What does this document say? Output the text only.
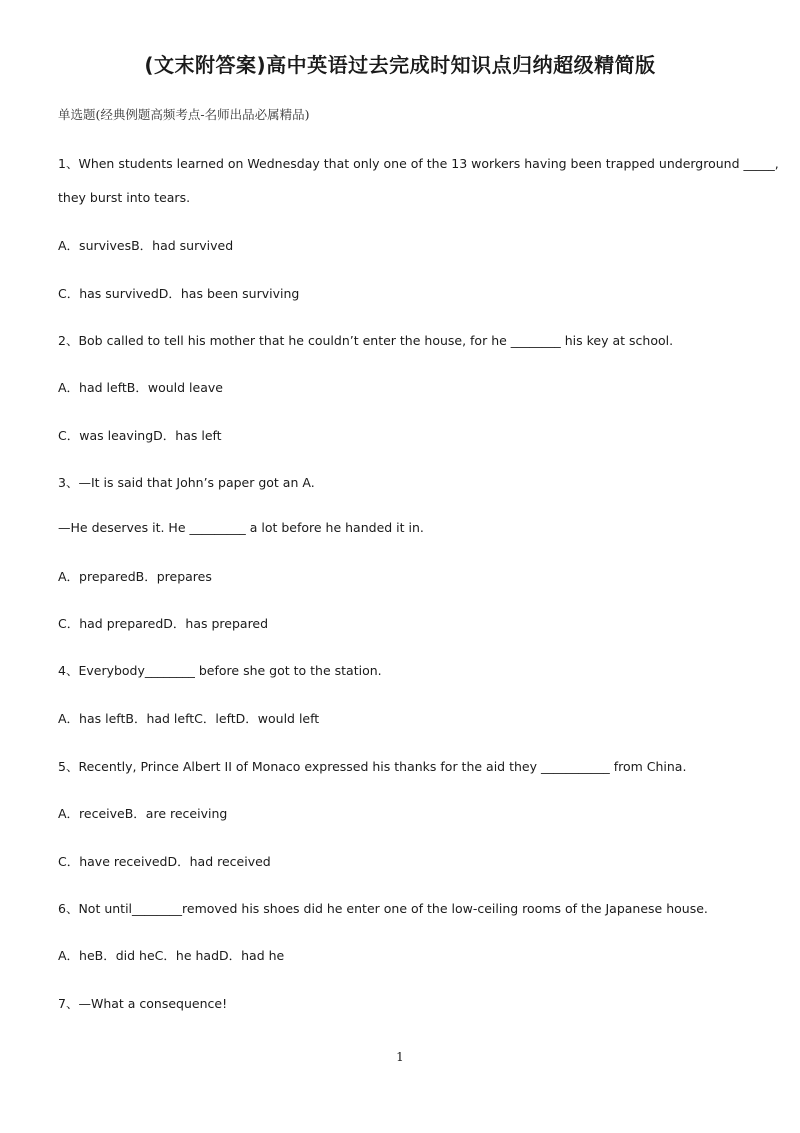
(文末附答案)高中英语过去完成时知识点归纳超级精简版
单选题(经典例题高频考点-名师出品必属精品)
1、When students learned on Wednesday that only one of the 13 workers having been trapped underground _____,
they burst into tears.
A．survivesB．had survived
C．has survivedD．has been surviving
2、Bob called to tell his mother that he couldn’t enter the house, for he ________ his key at school.
A．had leftB．would leave
C．was leavingD．has left
3、—It is said that John’s paper got an A.
—He deserves it. He _________ a lot before he handed it in.
A．preparedB．prepares
C．had preparedD．has prepared
4、Everybody________ before she got to the station.
A．has leftB．had leftC．leftD．would left
5、Recently, Prince Albert II of Monaco expressed his thanks for the aid they ___________ from China.
A．receiveB．are receiving
C．have receivedD．had received
6、Not until________removed his shoes did he enter one of the low-ceiling rooms of the Japanese house.
A．heB．did heC．he hadD．had he
7、—What a consequence!
1
